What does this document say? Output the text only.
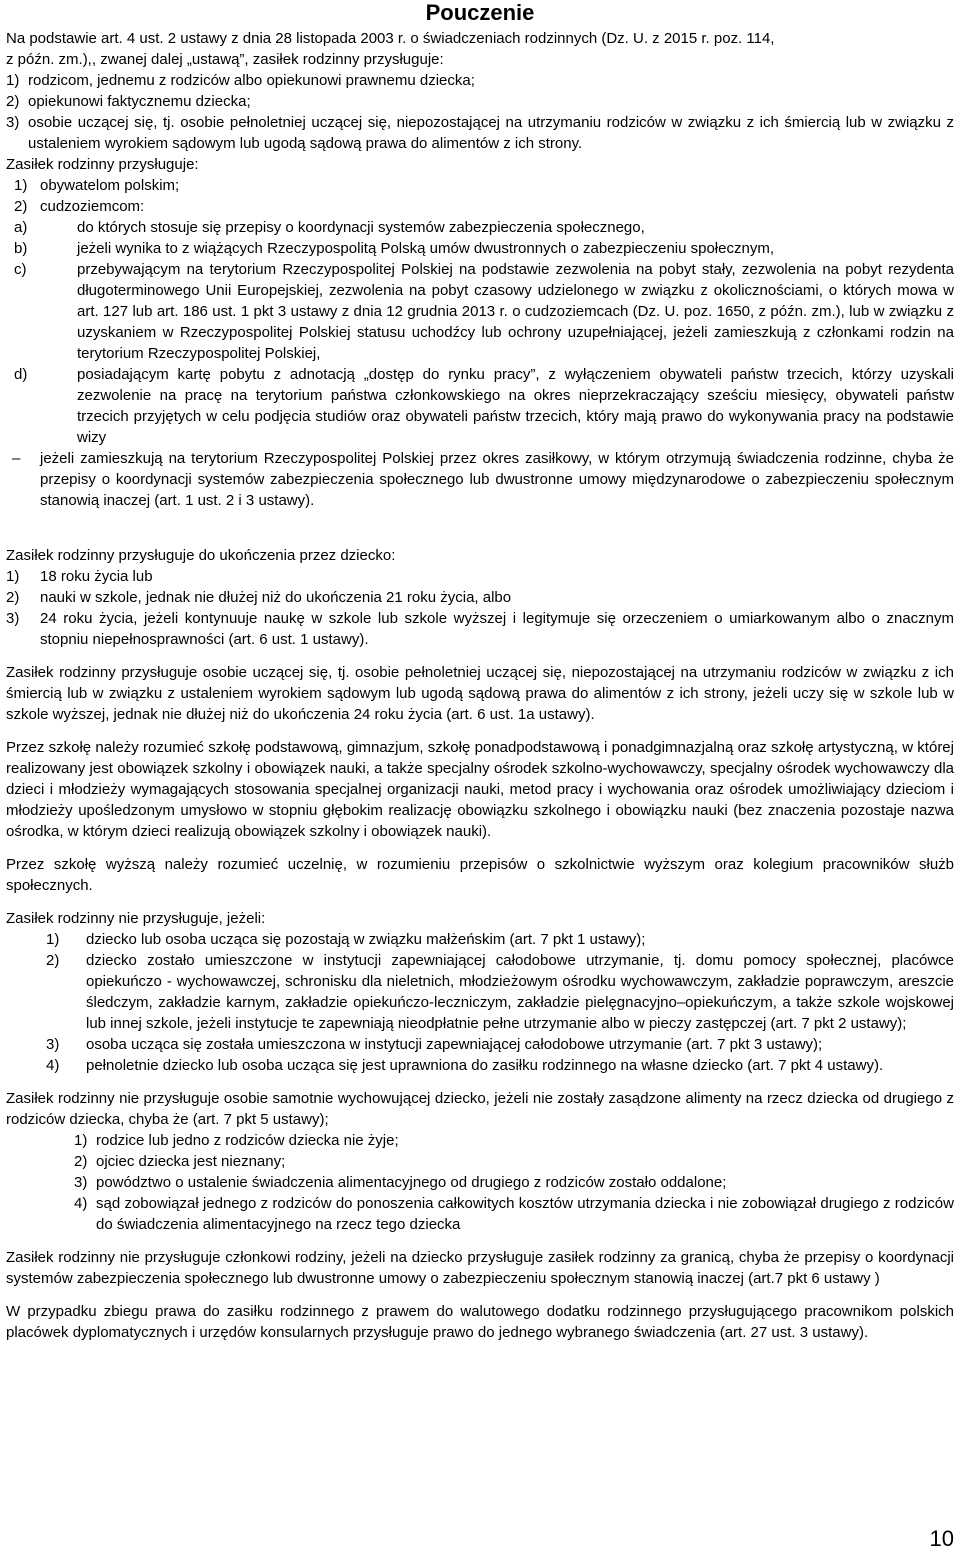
Pouczenie
Na podstawie art. 4 ust. 2 ustawy z dnia 28 listopada 2003 r. o świadczeniach rodzinnych (Dz. U. z 2015 r. poz. 114,
z późn. zm.),, zwanej dalej „ustawą”, zasiłek rodzinny przysługuje:
1) rodzicom, jednemu z rodziców albo opiekunowi prawnemu dziecka;
2) opiekunowi faktycznemu dziecka;
3) osobie uczącej się, tj. osobie pełnoletniej uczącej się, niepozostającej na utrzymaniu rodziców w związku z ich śmiercią lub w związku z ustaleniem wyrokiem sądowym lub ugodą sądową prawa do alimentów z ich strony.
Zasiłek rodzinny przysługuje:
1) obywatelom polskim;
2) cudzoziemcom:
a)	do których stosuje się przepisy o koordynacji systemów zabezpieczenia społecznego,
b)	jeżeli wynika to z wiążących Rzeczypospolitą Polską umów dwustronnych o zabezpieczeniu społecznym,
c)	przebywającym na terytorium Rzeczypospolitej Polskiej na podstawie zezwolenia na pobyt stały, zezwolenia na pobyt rezydenta długoterminowego Unii Europejskiej, zezwolenia na pobyt czasowy udzielonego w związku z okolicznościami, o których mowa w art. 127 lub art. 186 ust. 1 pkt 3 ustawy z dnia 12 grudnia 2013 r. o cudzoziemcach (Dz. U. poz. 1650, z późn. zm.), lub w związku z uzyskaniem w Rzeczypospolitej Polskiej statusu uchodźcy lub ochrony uzupełniającej, jeżeli zamieszkują z członkami rodzin na terytorium Rzeczypospolitej Polskiej,
d)	posiadającym kartę pobytu z adnotacją „dostęp do rynku pracy”, z wyłączeniem obywateli państw trzecich, którzy uzyskali zezwolenie na pracę na terytorium państwa członkowskiego na okres nieprzekraczający sześciu miesięcy, obywateli państw trzecich przyjętych w celu podjęcia studiów oraz obywateli państw trzecich, który mają prawo do wykonywania pracy na podstawie wizy
–	jeżeli zamieszkują na terytorium Rzeczypospolitej Polskiej przez okres zasiłkowy, w którym otrzymują świadczenia rodzinne, chyba że przepisy o koordynacji systemów zabezpieczenia społecznego lub dwustronne umowy międzynarodowe o zabezpieczeniu społecznym stanowią inaczej (art. 1 ust. 2 i 3 ustawy).
Zasiłek rodzinny przysługuje do ukończenia przez dziecko:
1)	18 roku życia lub
2)	nauki w szkole, jednak nie dłużej niż do ukończenia 21 roku życia, albo
3)	24 roku życia, jeżeli kontynuuje naukę w szkole lub szkole wyższej i legitymuje się orzeczeniem o umiarkowanym albo o znacznym stopniu niepełnosprawności (art. 6 ust. 1 ustawy).

Zasiłek rodzinny przysługuje osobie uczącej się, tj. osobie pełnoletniej uczącej się, niepozostającej na utrzymaniu rodziców w związku z ich śmiercią lub w związku z ustaleniem wyrokiem sądowym lub ugodą sądową prawa do alimentów z ich strony, jeżeli uczy się w szkole lub w szkole wyższej, jednak nie dłużej niż do ukończenia 24 roku życia (art. 6 ust. 1a ustawy).

Przez szkołę należy rozumieć szkołę podstawową, gimnazjum, szkołę ponadpodstawową i ponadgimnazjalną oraz szkołę artystyczną, w której realizowany jest obowiązek szkolny i obowiązek nauki, a także specjalny ośrodek szkolno-wychowawczy, specjalny ośrodek wychowawczy dla dzieci i młodzieży wymagających stosowania specjalnej organizacji nauki, metod pracy i wychowania oraz ośrodek umożliwiający dzieciom i młodzieży upośledzonym umysłowo w stopniu głębokim realizację obowiązku szkolnego i obowiązku nauki (bez znaczenia pozostaje nazwa ośrodka, w którym dzieci realizują obowiązek szkolny i obowiązek nauki).

Przez szkołę wyższą należy rozumieć uczelnię, w rozumieniu przepisów o szkolnictwie wyższym oraz kolegium pracowników służb społecznych.

Zasiłek rodzinny nie przysługuje, jeżeli:
1)	dziecko lub osoba ucząca się pozostają w związku małżeńskim (art. 7 pkt 1 ustawy);
2)	dziecko zostało umieszczone w instytucji zapewniającej całodobowe utrzymanie, tj. domu pomocy społecznej, placówce opiekuńczo - wychowawczej, schronisku dla nieletnich, młodzieżowym ośrodku wychowawczym, zakładzie poprawczym, areszcie śledczym, zakładzie karnym, zakładzie opiekuńczo-leczniczym, zakładzie pielęgnacyjno–opiekuńczym, a także szkole wojskowej lub innej szkole, jeżeli instytucje te zapewniają nieodpłatnie pełne utrzymanie albo w pieczy zastępczej (art. 7 pkt 2 ustawy);
3)	osoba ucząca się została umieszczona w instytucji zapewniającej całodobowe utrzymanie (art. 7 pkt 3 ustawy);
4)	pełnoletnie dziecko lub osoba ucząca się jest uprawniona do zasiłku rodzinnego na własne dziecko (art. 7 pkt 4 ustawy).

Zasiłek rodzinny nie przysługuje osobie samotnie wychowującej dziecko, jeżeli nie zostały zasądzone alimenty na rzecz dziecka od drugiego z rodziców dziecka, chyba że (art. 7 pkt 5 ustawy);

1) rodzice lub jedno z rodziców dziecka nie żyje;
2) ojciec dziecka jest nieznany;
3) powództwo o ustalenie świadczenia alimentacyjnego od drugiego z rodziców zostało oddalone;
4) sąd zobowiązał jednego z rodziców do ponoszenia całkowitych kosztów utrzymania dziecka i nie zobowiązał drugiego z rodziców do świadczenia alimentacyjnego na rzecz tego dziecka

Zasiłek rodzinny nie przysługuje członkowi rodziny, jeżeli na dziecko przysługuje zasiłek rodzinny za granicą, chyba że przepisy o koordynacji systemów zabezpieczenia społecznego lub dwustronne umowy o zabezpieczeniu społecznym stanowią inaczej (art.7 pkt 6 ustawy )

W przypadku zbiegu prawa do zasiłku rodzinnego z prawem do walutowego dodatku rodzinnego przysługującego pracownikom polskich placówek dyplomatycznych i urzędów konsularnych przysługuje prawo do jednego wybranego świadczenia (art. 27 ust. 3 ustawy).

10
